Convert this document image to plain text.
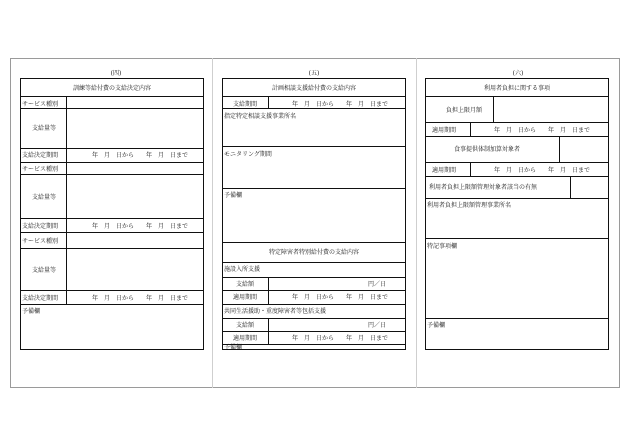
(四)
訓練等給付費の支給決定内容
サービス種別
支給量等
支給決定期間	年　月　日から　　年　月　日まで
サービス種別
支給量等
支給決定期間	年　月　日から　　年　月　日まで
サービス種別
支給量等
支給決定期間	年　月　日から　　年　月　日まで
予備欄
(五)
計画相談支援給付費の支給内容
支給期間	年　月　日から　　年　月　日まで
指定特定相談支援事業所名
モニタリング期間
予備欄
特定障害者特別給付費の支給内容
施設入所支援
支給額	円／日
適用期間	年　月　日から　　年　月　日まで
共同生活援助・重度障害者等包括支援
支給額	円／日
適用期間	年　月　日から　　年　月　日まで
予備欄
(六)
利用者負担に関する事項
負担上限月額
適用期間	年　月　日から　　年　月　日まで
食事提供体制加算対象者
適用期間	年　月　日から　　年　月　日まで
利用者負担上限額管理対象者該当の有無
利用者負担上限額管理事業所名
特記事項欄
予備欄
